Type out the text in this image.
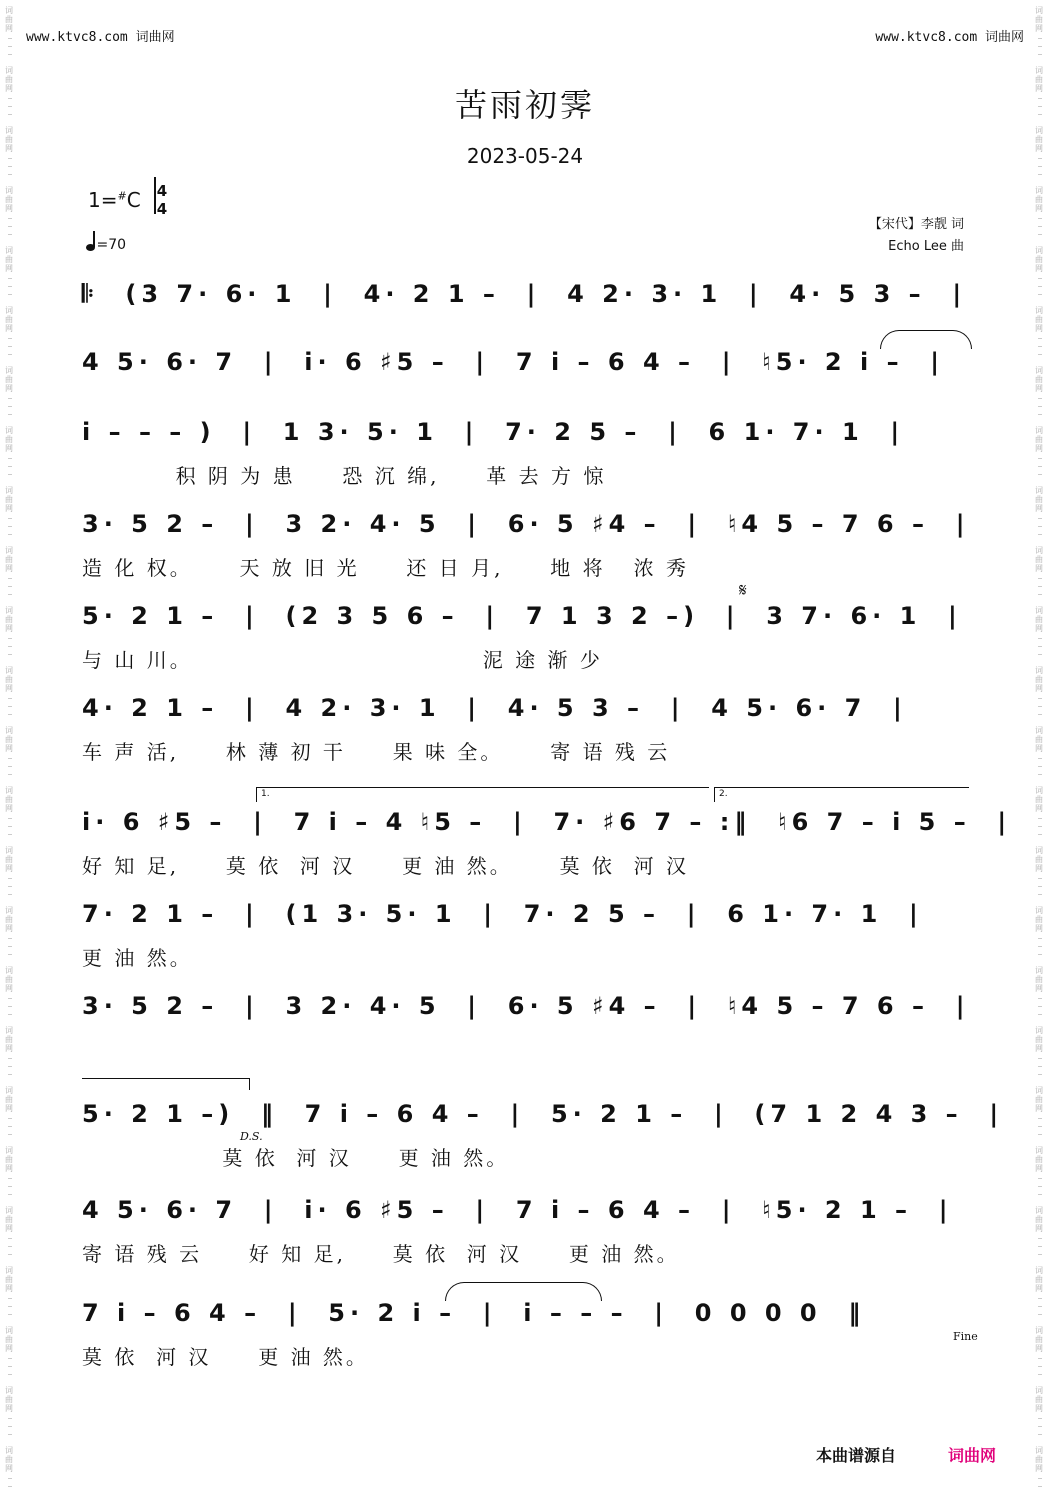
词
曲
网
词
曲
网
词
曲
网
词
曲
网
词
曲
网
词
曲
网
词
曲
网
词
曲
网
词
曲
网
词
曲
网
词
曲
网
词
曲
网
词
曲
网
词
曲
网
词
曲
网
词
曲
网
词
曲
网
词
曲
网
词
曲
网
词
曲
网
词
曲
网
词
曲
网
词
曲
网
词
曲
网
词
曲
网
词
曲
网
词
曲
网
词
曲
网
词
曲
网
词
曲
网
词
曲
网
词
曲
网
词
曲
网
词
曲
网
词
曲
网
词
曲
网
词
曲
网
词
曲
网
词
曲
网
词
曲
网
词
曲
网
词
曲
网
词
曲
网
词
曲
网
词
曲
网
词
曲
网
词
曲
网
词
曲
网
词
曲
网
词
曲
网
www.ktvc8.com 词曲网	www.ktvc8.com 词曲网
苦雨初霁
2023-05-24
1=#C	4
4
=70
【宋代】李靓 词
Echo Lee 曲
𝄆  (3 7· 6· 1  |  4· 2 1 –  |  4 2· 3· 1  |  4· 5 3 –  |
4 5· 6· 7  |  i· 6 ♯5 –  |  7 i – 6 4 –  |  ♮5· 2 i –  |
i – – – )  |  1 3· 5· 1  |  7· 2 5 –  |  6 1· 7· 1  |
积 阴 为 患     恐 沉 绵,     革 去 方 惊
3· 5 2 –  |  3 2· 4· 5  |  6· 5 ♯4 –  |  ♮4 5 – 7 6 –  |
造 化 权。     天 放 旧 光     还 日 月,     地 将   浓 秀
5· 2 1 –  |  (2 3 5 6 –  |  7 1 3 2 –)  |  3 7· 6· 1  |
与 山 川。                               泥 途 渐 少
4· 2 1 –  |  4 2· 3· 1  |  4· 5 3 –  |  4 5· 6· 7  |
车 声 活,     林 薄 初 干     果 味 全。     寄 语 残 云
i· 6 ♯5 –  |  7 i – 4 ♮5 –  |  7· ♯6 7 – :‖  ♮6 7 – i 5 –  |
好 知 足,     莫 依  河 汉     更 油 然。     莫 依  河 汉
7· 2 1 –  |  (1 3· 5· 1  |  7· 2 5 –  |  6 1· 7· 1  |
更 油 然。
3· 5 2 –  |  3 2· 4· 5  |  6· 5 ♯4 –  |  ♮4 5 – 7 6 –  |
5· 2 1 –)  ‖  7 i – 6 4 –  |  5· 2 1 –  |  (7 1 2 4 3 –  |
莫 依  河 汉     更 油 然。
4 5· 6· 7  |  i· 6 ♯5 –  |  7 i – 6 4 –  |  ♮5· 2 1 –  |
寄 语 残 云     好 知 足,     莫 依  河 汉     更 油 然。
7 i – 6 4 –  |  5· 2 i –  |  i – – –  |  0 0 0 0  ‖
莫 依  河 汉     更 油 然。
𝄋
D.S.
Fine
1.	2.
本曲谱源自	词曲网
